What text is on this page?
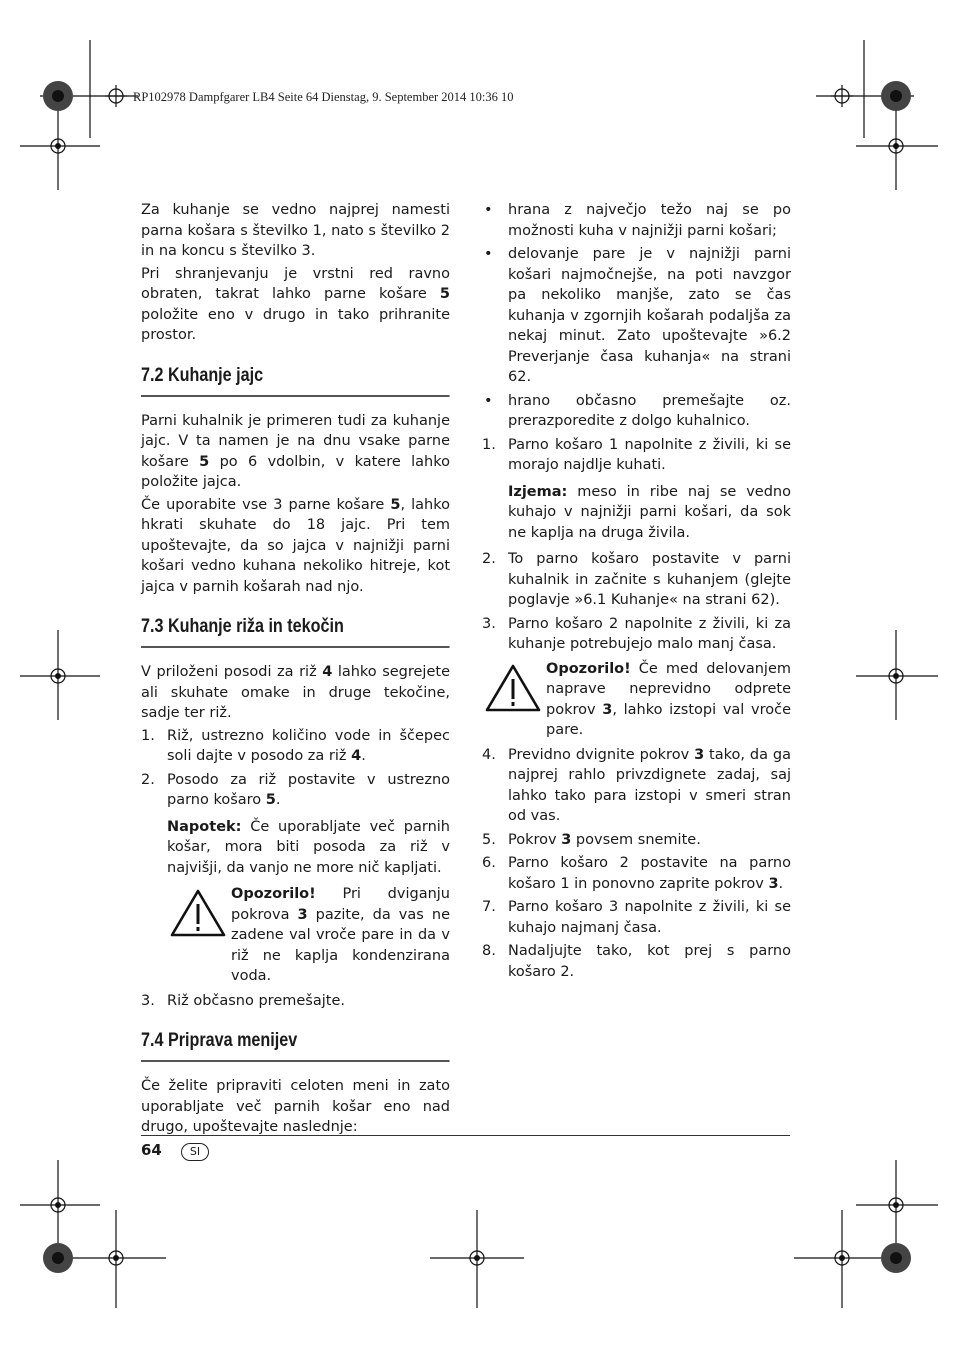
RP102978 Dampfgarer LB4 Seite 64 Dienstag, 9. September 2014 10:36 10

Za kuhanje se vedno najprej namesti parna košara s številko 1, nato s številko 2 in na koncu s številko 3.

Pri shranjevanju je vrstni red ravno obraten, takrat lahko parne košare 5 položite eno v drugo in tako prihranite prostor.

7.2 Kuhanje jajc

Parni kuhalnik je primeren tudi za kuhanje jajc. V ta namen je na dnu vsake parne košare 5 po 6 vdolbin, v katere lahko položite jajca.

Če uporabite vse 3 parne košare 5, lahko hkrati skuhate do 18 jajc. Pri tem upoštevajte, da so jajca v najnižji parni košari vedno kuhana nekoliko hitreje, kot jajca v parnih košarah nad njo.

7.3 Kuhanje riža in tekočin

V priloženi posodi za riž 4 lahko segrejete ali skuhate omake in druge tekočine, sadje ter riž.

1. Riž, ustrezno količino vode in ščepec soli dajte v posodo za riž 4.
2. Posodo za riž postavite v ustrezno parno košaro 5.
Napotek: Če uporabljate več parnih košar, mora biti posoda za riž v najvišji, da vanjo ne more nič kapljati.
Opozorilo! Pri dviganju pokrova 3 pazite, da vas ne zadene val vroče pare in da v riž ne kaplja kondenzirana voda.
3. Riž občasno premešajte.
7.4 Priprava menijev

Če želite pripraviti celoten meni in zato uporabljate več parnih košar eno nad drugo, upoštevajte naslednje:

• hrana z največjo težo naj se po možnosti kuha v najnižji parni košari;
• delovanje pare je v najnižji parni košari najmočnejše, na poti navzgor pa nekoliko manjše, zato se čas kuhanja v zgornjih košarah podaljša za nekaj minut. Zato upoštevajte »6.2 Preverjanje časa kuhanja« na strani 62.
• hrano občasno premešajte oz. prerazporedite z dolgo kuhalnico.
1. Parno košaro 1 napolnite z živili, ki se morajo najdlje kuhati.
Izjema: meso in ribe naj se vedno kuhajo v najnižji parni košari, da sok ne kaplja na druga živila.
2. To parno košaro postavite v parni kuhalnik in začnite s kuhanjem (glejte poglavje »6.1 Kuhanje« na strani 62).
3. Parno košaro 2 napolnite z živili, ki za kuhanje potrebujejo malo manj časa.
Opozorilo! Če med delovanjem naprave neprevidno odprete pokrov 3, lahko izstopi val vroče pare.
4. Previdno dvignite pokrov 3 tako, da ga najprej rahlo privzdignete zadaj, saj lahko tako para izstopi v smeri stran od vas.
5. Pokrov 3 povsem snemite.
6. Parno košaro 2 postavite na parno košaro 1 in ponovno zaprite pokrov 3.
7. Parno košaro 3 napolnite z živili, ki se kuhajo najmanj časa.
8. Nadaljujte tako, kot prej s parno košaro 2.
64	SI
